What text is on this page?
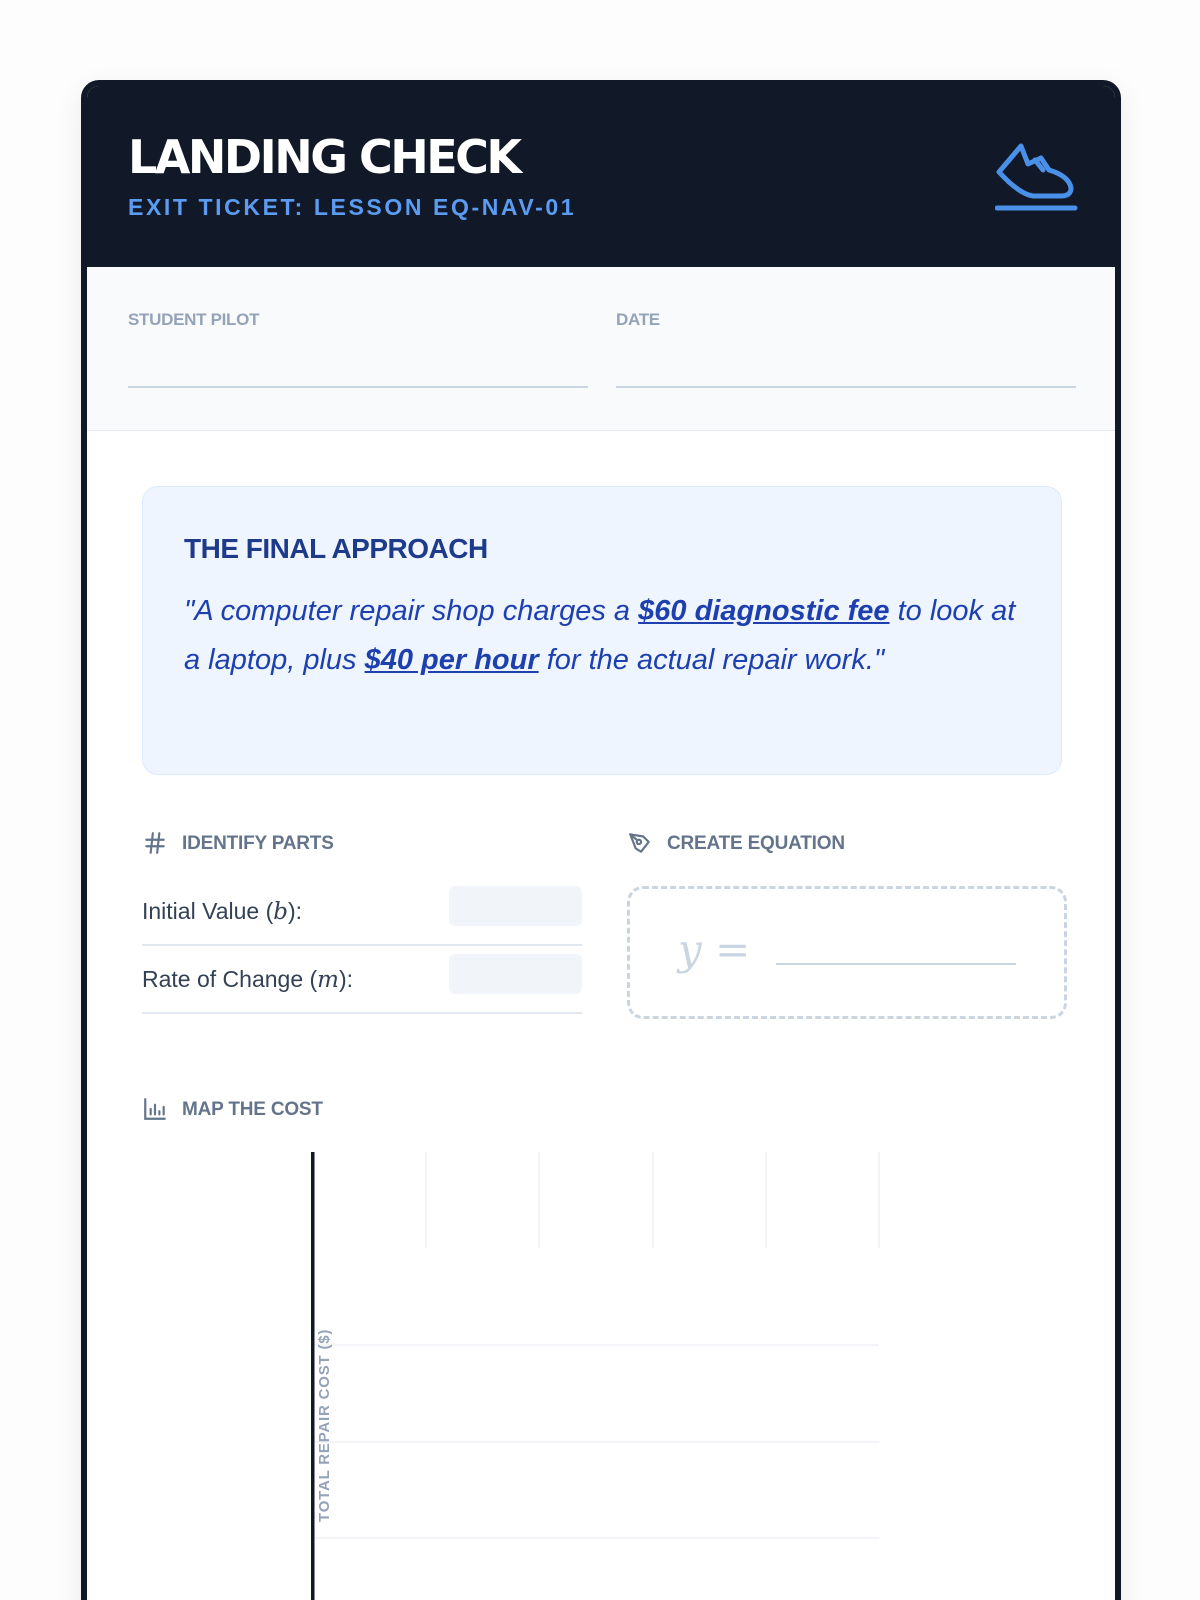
LANDING CHECK
EXIT TICKET: LESSON EQ-NAV-01
STUDENT PILOT	DATE
THE FINAL APPROACH
"A computer repair shop charges a $60 diagnostic fee to look at a laptop, plus $40 per hour for the actual repair work."
IDENTIFY PARTS
Initial Value (b):
Rate of Change (m):
CREATE EQUATION
y =
MAP THE COST
TOTAL REPAIR COST ($)
